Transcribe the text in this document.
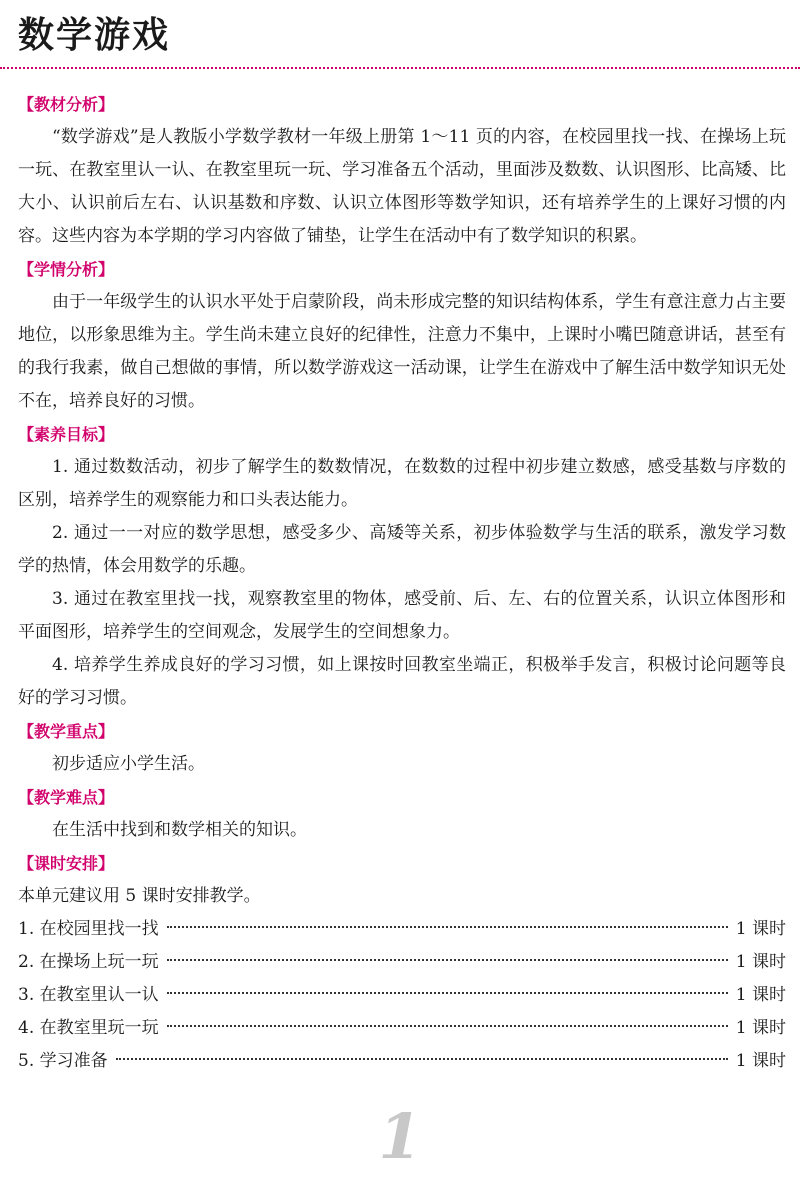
数学游戏
【教材分析】

“数学游戏”是人教版小学数学教材一年级上册第 1～11 页的内容，在校园里找一找、在操场上玩一玩、在教室里认一认、在教室里玩一玩、学习准备五个活动，里面涉及数数、认识图形、比高矮、比大小、认识前后左右、认识基数和序数、认识立体图形等数学知识，还有培养学生的上课好习惯的内容。这些内容为本学期的学习内容做了铺垫，让学生在活动中有了数学知识的积累。

【学情分析】

由于一年级学生的认识水平处于启蒙阶段，尚未形成完整的知识结构体系，学生有意注意力占主要地位，以形象思维为主。学生尚未建立良好的纪律性，注意力不集中，上课时小嘴巴随意讲话，甚至有的我行我素，做自己想做的事情，所以数学游戏这一活动课，让学生在游戏中了解生活中数学知识无处不在，培养良好的习惯。

【素养目标】

1. 通过数数活动，初步了解学生的数数情况，在数数的过程中初步建立数感，感受基数与序数的区别，培养学生的观察能力和口头表达能力。

2. 通过一一对应的数学思想，感受多少、高矮等关系，初步体验数学与生活的联系，激发学习数学的热情，体会用数学的乐趣。

3. 通过在教室里找一找，观察教室里的物体，感受前、后、左、右的位置关系，认识立体图形和平面图形，培养学生的空间观念，发展学生的空间想象力。

4. 培养学生养成良好的学习习惯，如上课按时回教室坐端正，积极举手发言，积极讨论问题等良好的学习习惯。

【教学重点】

初步适应小学生活。

【教学难点】

在生活中找到和数学相关的知识。

【课时安排】

本单元建议用 5 课时安排教学。

1. 在校园里找一找	1 课时
2. 在操场上玩一玩	1 课时
3. 在教室里认一认	1 课时
4. 在教室里玩一玩	1 课时
5. 学习准备	1 课时
1
